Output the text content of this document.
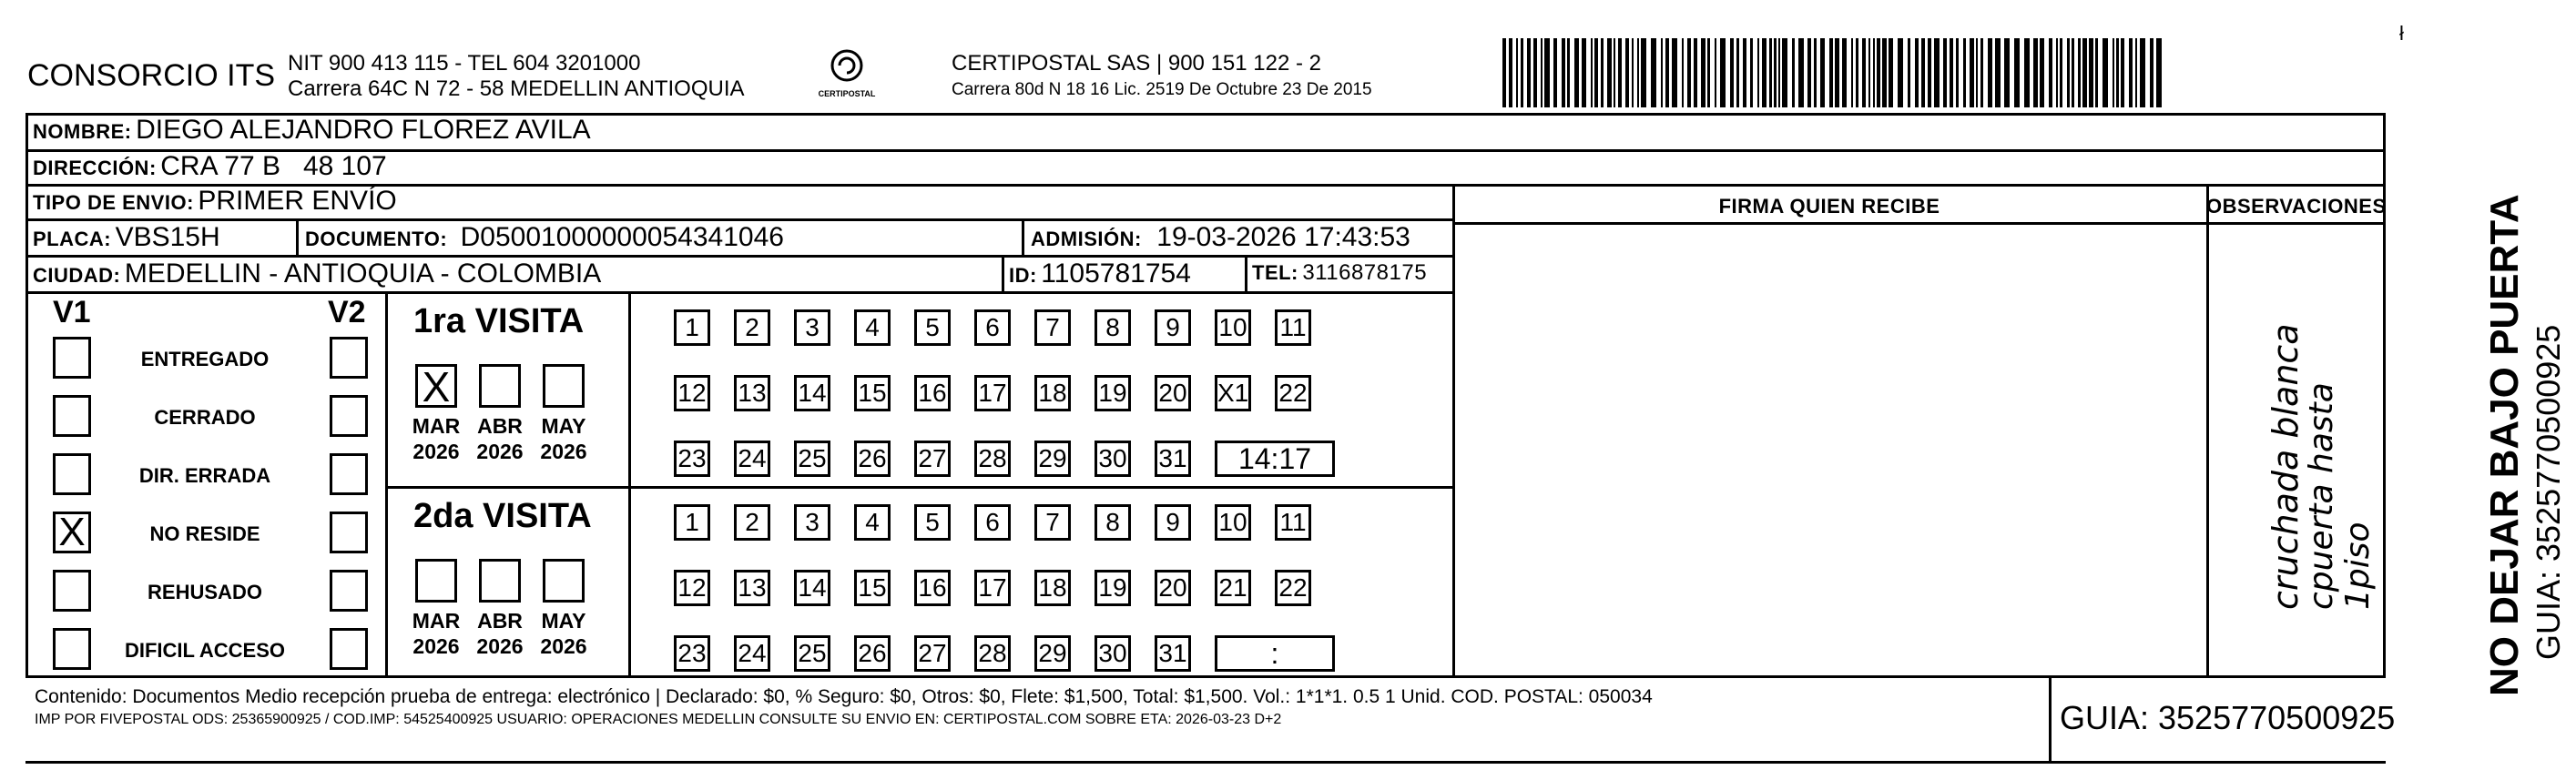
CONSORCIO ITS NIT 900 413 115 - TEL 604 3201000
Carrera 64C N 72 - 58 MEDELLIN ANTIOQUIA	CERTIPOSTAL
CERTIPOSTAL SAS | 900 151 122 - 2
Carrera 80d N 18 16 Lic. 2519 De Octubre 23 De 2015
NOMBRE: DIEGO ALEJANDRO FLOREZ AVILA
DIRECCIÓN: CRA 77 B   48 107
TIPO DE ENVIO: PRIMER ENVÍO
PLACA: VBS15H	DOCUMENTO: D05001000000054341046	ADMISIÓN: 19-03-2026 17:43:53
CIUDAD: MEDELLIN - ANTIOQUIA - COLOMBIA	ID: 1105781754	TEL: 3116878175
FIRMA QUIEN RECIBE	OBSERVACIONES
cruchada blanca
cpuerta hasta 1piso
V1	V2
ENTREGADO
CERRADO
DIR. ERRADA
X	NO RESIDE
REHUSADO
DIFICIL ACCESO
1ra VISITA
X
MAR
2026
ABR
2026
MAY
2026
1	2	3	4	5	6	7	8	9	10 11
12 13 14 15 16 17 18 19 20 X1 22
23 24 25 26 27 28 29 30 31	14:17
2da VISITA
MAR
2026
ABR
2026
MAY
2026
1	2	3	4	5	6	7	8	9	10 11
12 13 14 15 16 17 18 19 20 21 22
23 24 25 26 27 28 29 30 31	:
Contenido: Documentos Medio recepción prueba de entrega: electrónico | Declarado: $0, % Seguro: $0, Otros: $0, Flete: $1,500, Total: $1,500. Vol.: 1*1*1. 0.5 1 Unid. COD. POSTAL: 050034
IMP POR FIVEPOSTAL ODS: 25365900925 / COD.IMP: 54525400925 USUARIO: OPERACIONES MEDELLIN CONSULTE SU ENVIO EN: CERTIPOSTAL.COM SOBRE ETA: 2026-03-23 D+2	GUIA: 3525770500925
NO DEJAR BAJO PUERTA GUIA: 3525770500925
ł
